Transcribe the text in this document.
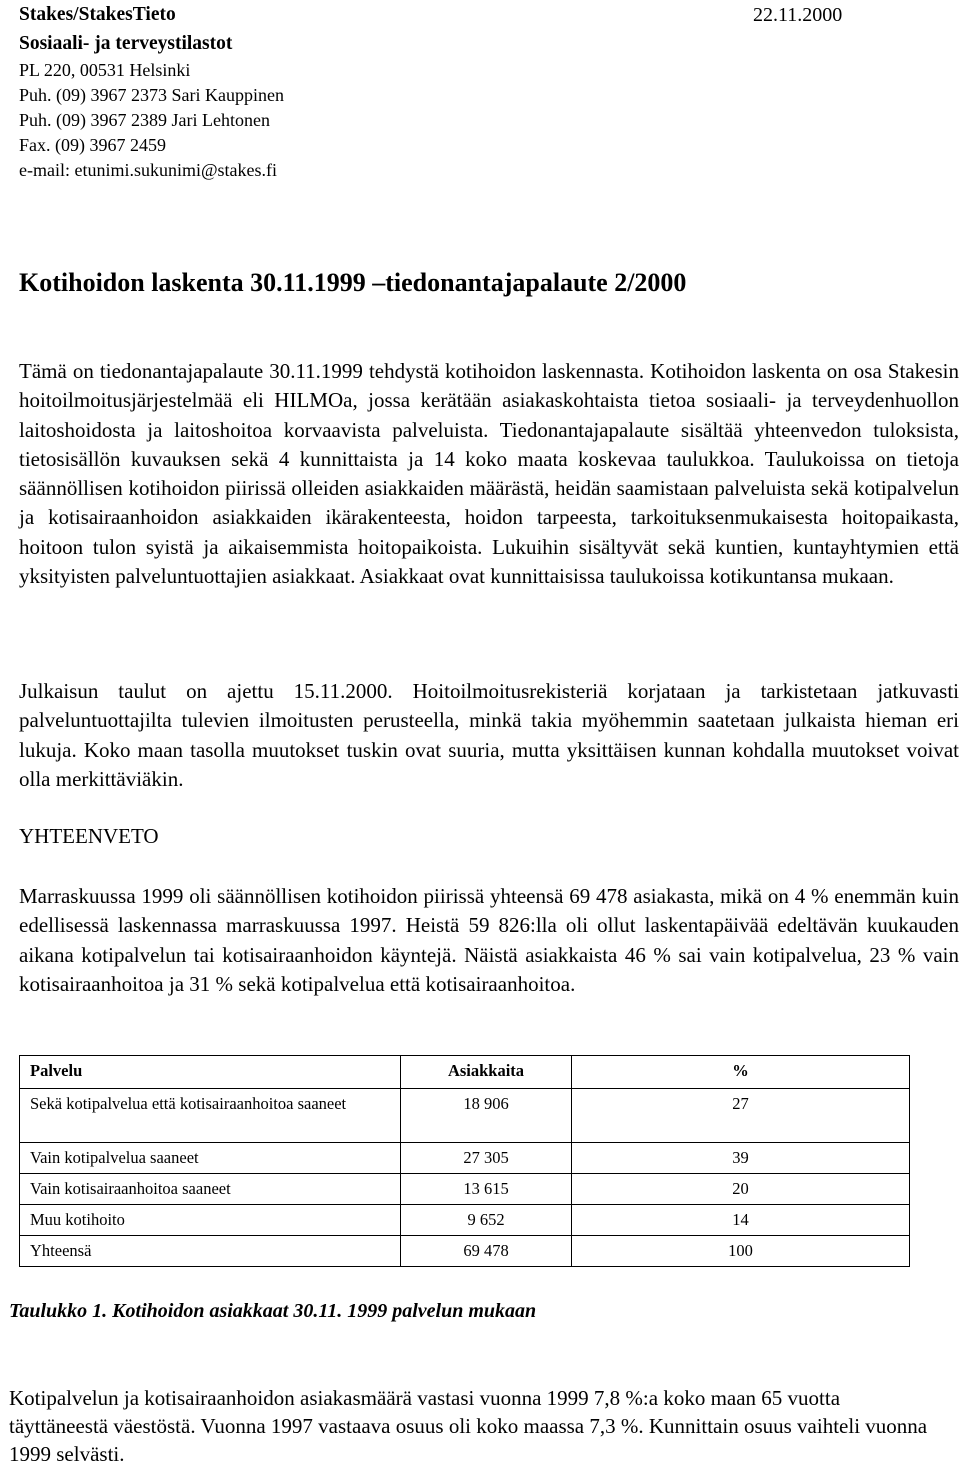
Stakes/StakesTieto	22.11.2000
Sosiaali- ja terveystilastot
PL 220, 00531 Helsinki
Puh. (09) 3967 2373 Sari Kauppinen
Puh. (09) 3967 2389 Jari Lehtonen
Fax. (09) 3967 2459
e-mail: etunimi.sukunimi@stakes.fi
Kotihoidon laskenta 30.11.1999 –tiedonantajapalaute 2/2000

Tämä on tiedonantajapalaute 30.11.1999 tehdystä kotihoidon laskennasta. Kotihoidon laskenta on osa Stakesin hoitoilmoitusjärjestelmää eli HILMOa, jossa kerätään asiakaskohtaista tietoa sosiaali- ja terveydenhuollon laitoshoidosta ja laitoshoitoa korvaavista palveluista. Tiedonantajapalaute sisältää yhteenvedon tuloksista, tietosisällön kuvauksen sekä 4 kunnittaista ja 14 koko maata koskevaa taulukkoa. Taulukoissa on tietoja säännöllisen kotihoidon piirissä olleiden asiakkaiden määrästä, heidän saamistaan palveluista sekä kotipalvelun ja kotisairaanhoidon asiakkaiden ikärakenteesta, hoidon tarpeesta, tarkoituksenmukaisesta hoitopaikasta, hoitoon tulon syistä ja aikaisemmista hoitopaikoista. Lukuihin sisältyvät sekä kuntien, kuntayhtymien että yksityisten palveluntuottajien asiakkaat. Asiakkaat ovat kunnittaisissa taulukoissa kotikuntansa mukaan.

Julkaisun taulut on ajettu 15.11.2000. Hoitoilmoitusrekisteriä korjataan ja tarkistetaan jatkuvasti palveluntuottajilta tulevien ilmoitusten perusteella, minkä takia myöhemmin saatetaan julkaista hieman eri lukuja. Koko maan tasolla muutokset tuskin ovat suuria, mutta yksittäisen kunnan kohdalla muutokset voivat olla merkittäviäkin.

YHTEENVETO

Marraskuussa 1999 oli säännöllisen kotihoidon piirissä yhteensä 69 478 asiakasta, mikä on 4 % enemmän kuin edellisessä laskennassa marraskuussa 1997. Heistä 59 826:lla oli ollut laskentapäivää edeltävän kuukauden aikana kotipalvelun tai kotisairaanhoidon käyntejä. Näistä asiakkaista 46 % sai vain kotipalvelua, 23 % vain kotisairaanhoitoa ja 31 % sekä kotipalvelua että kotisairaanhoitoa.

Palvelu	Asiakkaita	%
Sekä kotipalvelua että kotisairaanhoitoa saaneet	18 906	27
Vain kotipalvelua saaneet	27 305	39
Vain kotisairaanhoitoa saaneet	13 615	20
Muu kotihoito	9 652	14
Yhteensä	69 478	100
Taulukko 1. Kotihoidon asiakkaat 30.11. 1999 palvelun mukaan

Kotipalvelun ja kotisairaanhoidon asiakasmäärä vastasi vuonna 1999 7,8 %:a koko maan 65 vuotta täyttäneestä väestöstä. Vuonna 1997 vastaava osuus oli koko maassa 7,3 %. Kunnittain osuus vaihteli vuonna 1999 selvästi.
